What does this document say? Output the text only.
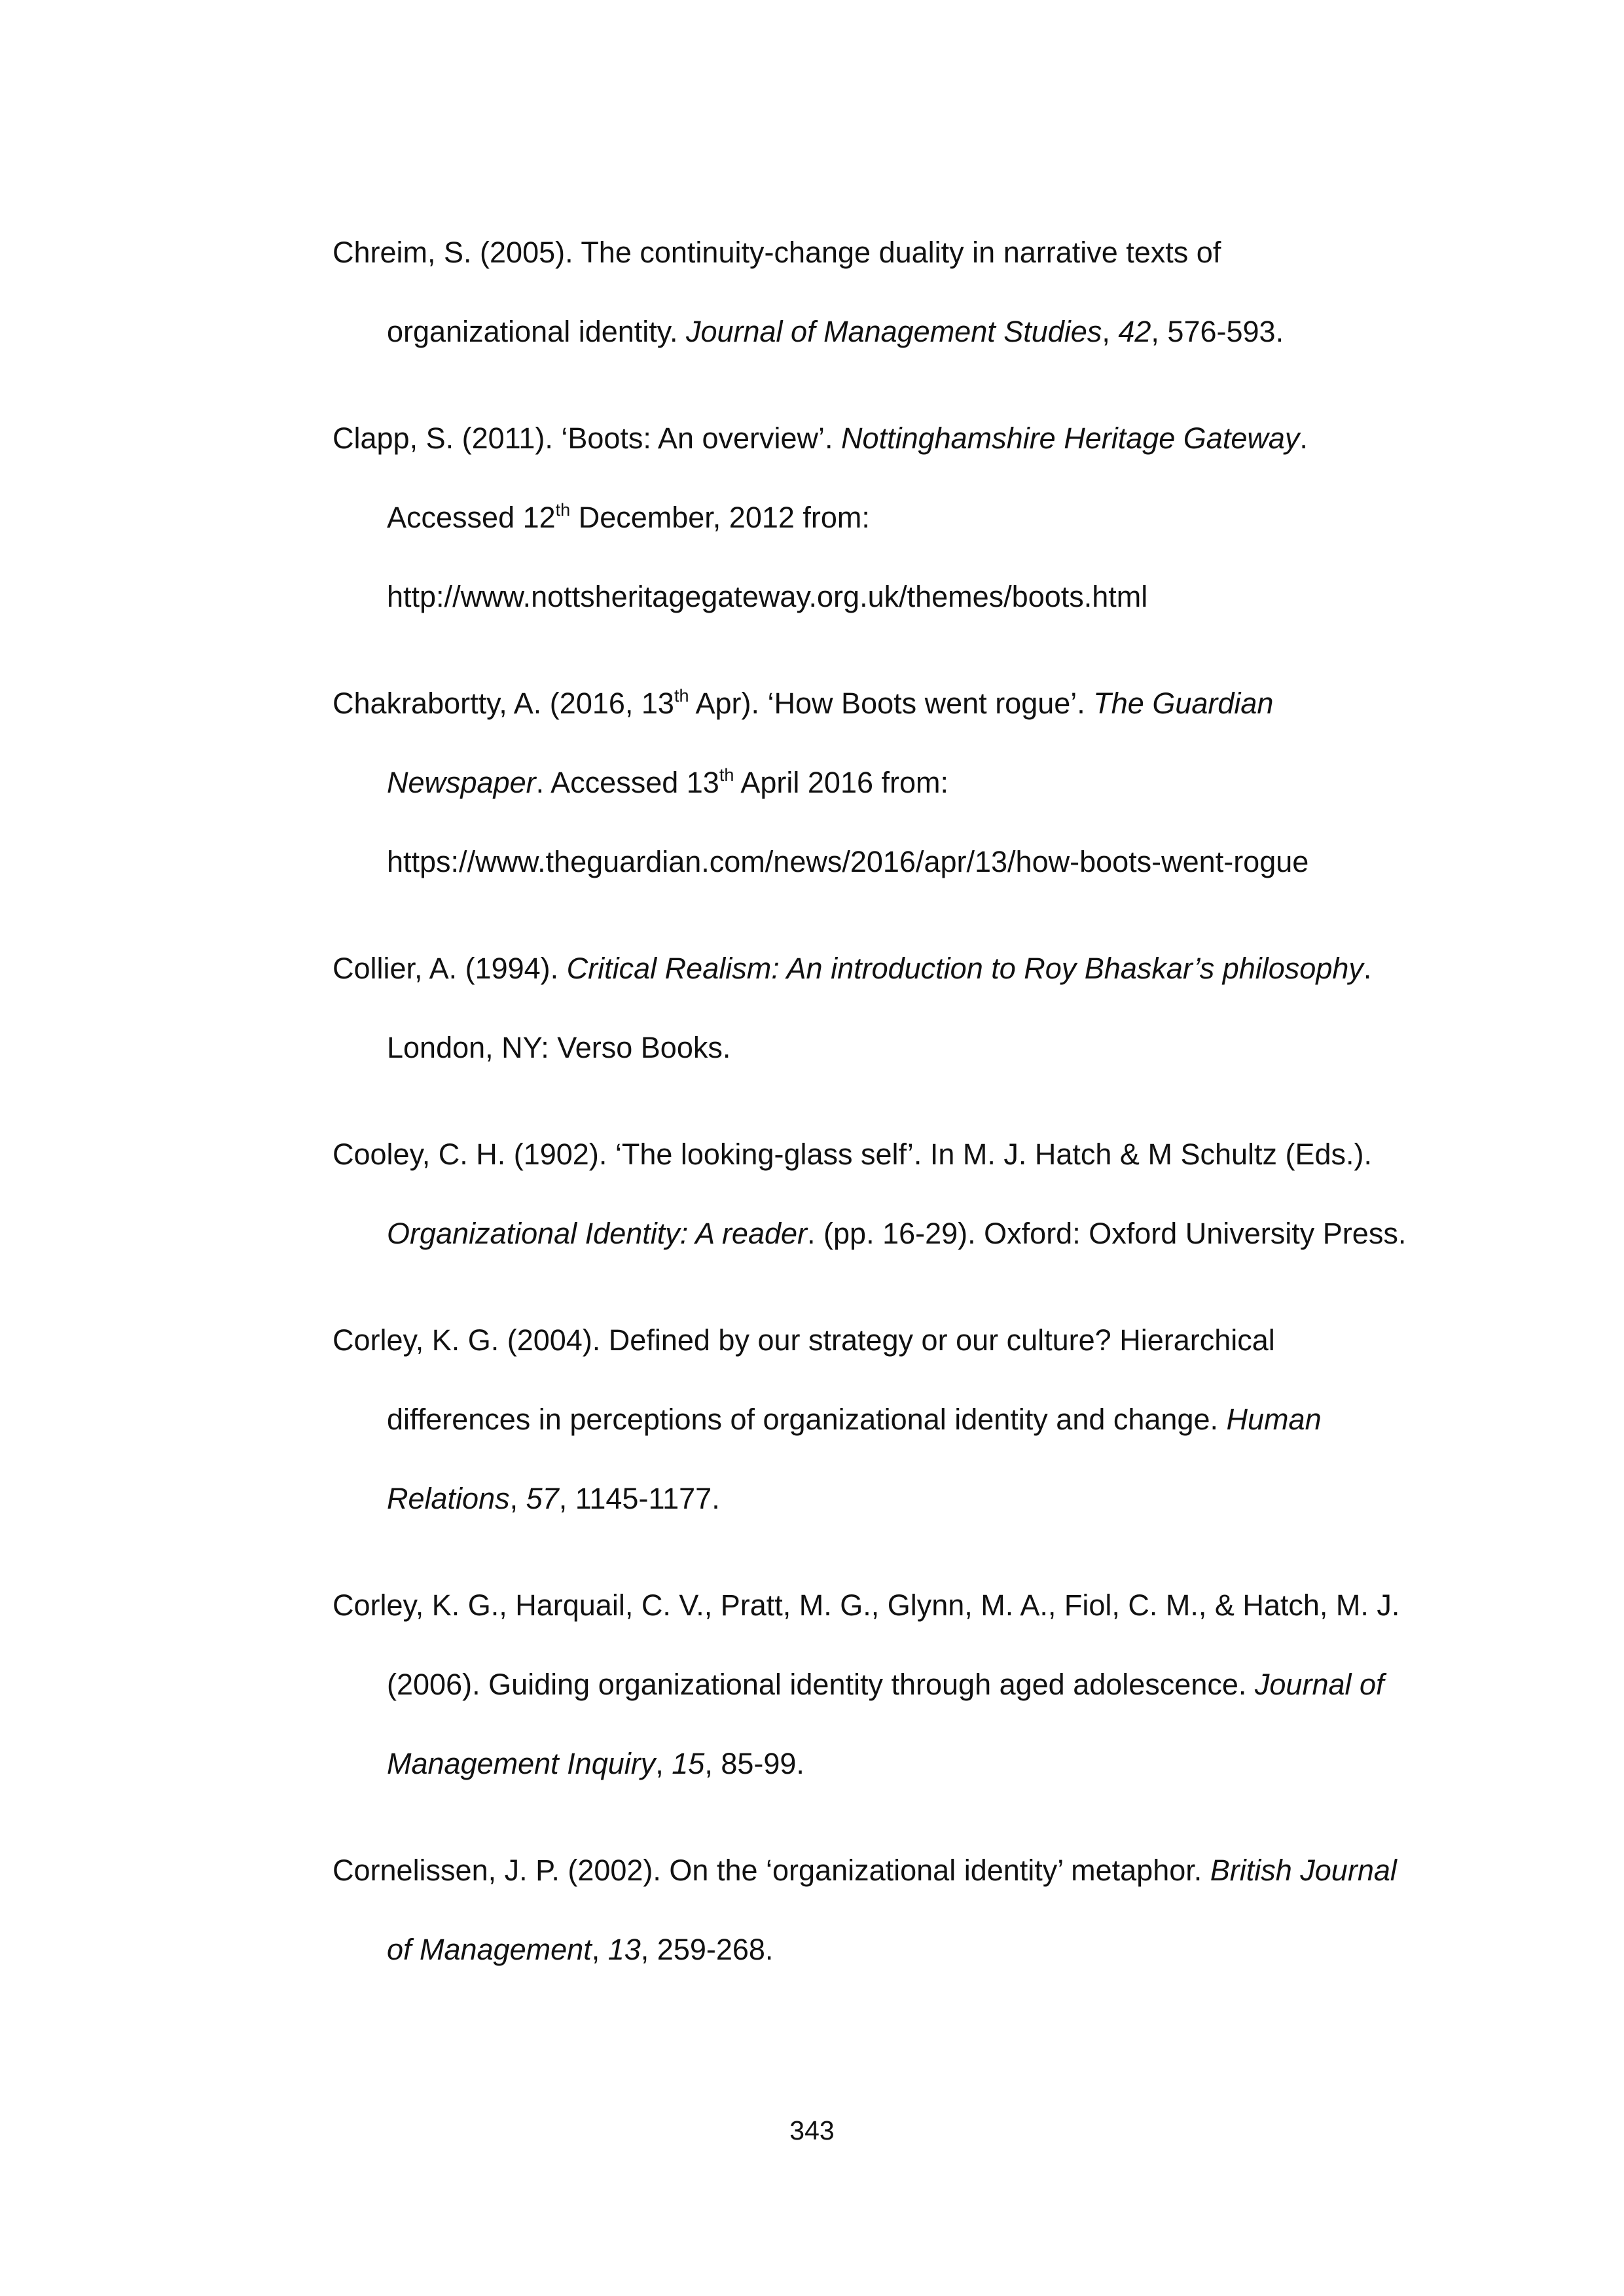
Chreim, S. (2005). The continuity-change duality in narrative texts of
organizational identity. Journal of Management Studies, 42, 576-593.
Clapp, S. (2011). ‘Boots: An overview’. Nottinghamshire Heritage Gateway.
Accessed 12th December, 2012 from:
http://www.nottsheritagegateway.org.uk/themes/boots.html
Chakrabortty, A. (2016, 13th Apr). ‘How Boots went rogue’. The Guardian
Newspaper. Accessed 13th April 2016 from:
https://www.theguardian.com/news/2016/apr/13/how-boots-went-rogue
Collier, A. (1994). Critical Realism: An introduction to Roy Bhaskar’s philosophy.
London, NY: Verso Books.
Cooley, C. H. (1902). ‘The looking-glass self’. In M. J. Hatch & M Schultz (Eds.).
Organizational Identity: A reader. (pp. 16-29). Oxford: Oxford University Press.
Corley, K. G. (2004). Defined by our strategy or our culture? Hierarchical
differences in perceptions of organizational identity and change. Human
Relations, 57, 1145-1177.
Corley, K. G., Harquail, C. V., Pratt, M. G., Glynn, M. A., Fiol, C. M., & Hatch, M. J.
(2006). Guiding organizational identity through aged adolescence. Journal of
Management Inquiry, 15, 85-99.
Cornelissen, J. P. (2002). On the ‘organizational identity’ metaphor. British Journal
of Management, 13, 259-268.
343
